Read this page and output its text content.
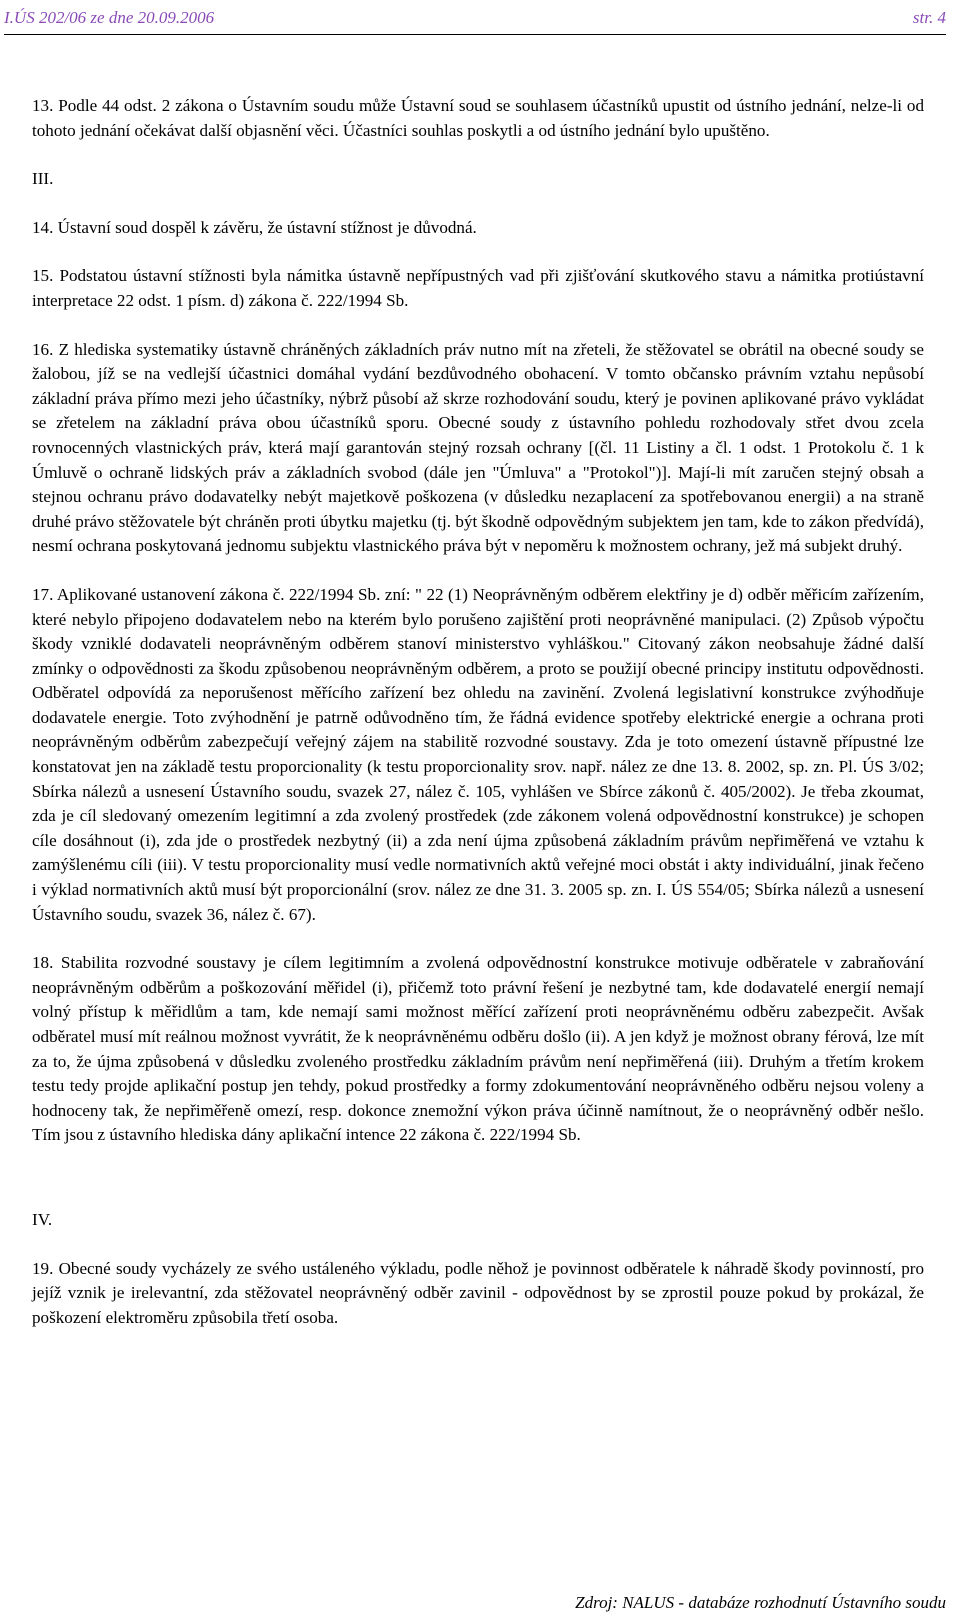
I.ÚS 202/06 ze dne 20.09.2006	str. 4

13. Podle 44 odst. 2 zákona o Ústavním soudu může Ústavní soud se souhlasem účastníků upustit od ústního jednání, nelze-li od tohoto jednání očekávat další objasnění věci. Účastníci souhlas poskytli a od ústního jednání bylo upuštěno.

III.

14. Ústavní soud dospěl k závěru, že ústavní stížnost je důvodná.

15. Podstatou ústavní stížnosti byla námitka ústavně nepřípustných vad při zjišťování skutkového stavu a námitka protiústavní interpretace 22 odst. 1 písm. d) zákona č. 222/1994 Sb.

16. Z hlediska systematiky ústavně chráněných základních práv nutno mít na zřeteli, že stěžovatel se obrátil na obecné soudy se žalobou, jíž se na vedlejší účastnici domáhal vydání bezdůvodného obohacení. V tomto občansko právním vztahu nepůsobí základní práva přímo mezi jeho účastníky, nýbrž působí až skrze rozhodování soudu, který je povinen aplikované právo vykládat se zřetelem na základní práva obou účastníků sporu. Obecné soudy z ústavního pohledu rozhodovaly střet dvou zcela rovnocenných vlastnických práv, která mají garantován stejný rozsah ochrany [(čl. 11 Listiny a čl. 1 odst. 1 Protokolu č. 1 k Úmluvě o ochraně lidských práv a základních svobod (dále jen "Úmluva" a "Protokol")]. Mají-li mít zaručen stejný obsah a stejnou ochranu právo dodavatelky nebýt majetkově poškozena (v důsledku nezaplacení za spotřebovanou energii) a na straně druhé právo stěžovatele být chráněn proti úbytku majetku (tj. být škodně odpovědným subjektem jen tam, kde to zákon předvídá), nesmí ochrana poskytovaná jednomu subjektu vlastnického práva být v nepoměru k možnostem ochrany, jež má subjekt druhý.

17. Aplikované ustanovení zákona č. 222/1994 Sb. zní: " 22 (1) Neoprávněným odběrem elektřiny je d) odběr měřicím zařízením, které nebylo připojeno dodavatelem nebo na kterém bylo porušeno zajištění proti neoprávněné manipulaci. (2) Způsob výpočtu škody vzniklé dodavateli neoprávněným odběrem stanoví ministerstvo vyhláškou." Citovaný zákon neobsahuje žádné další zmínky o odpovědnosti za škodu způsobenou neoprávněným odběrem, a proto se použijí obecné principy institutu odpovědnosti. Odběratel odpovídá za neporušenost měřícího zařízení bez ohledu na zavinění. Zvolená legislativní konstrukce zvýhodňuje dodavatele energie. Toto zvýhodnění je patrně odůvodněno tím, že řádná evidence spotřeby elektrické energie a ochrana proti neoprávněným odběrům zabezpečují veřejný zájem na stabilitě rozvodné soustavy. Zda je toto omezení ústavně přípustné lze konstatovat jen na základě testu proporcionality (k testu proporcionality srov. např. nález ze dne 13. 8. 2002, sp. zn. Pl. ÚS 3/02; Sbírka nálezů a usnesení Ústavního soudu, svazek 27, nález č. 105, vyhlášen ve Sbírce zákonů č. 405/2002). Je třeba zkoumat, zda je cíl sledovaný omezením legitimní a zda zvolený prostředek (zde zákonem volená odpovědnostní konstrukce) je schopen cíle dosáhnout (i), zda jde o prostředek nezbytný (ii) a zda není újma způsobená základním právům nepřiměřená ve vztahu k zamýšlenému cíli (iii). V testu proporcionality musí vedle normativních aktů veřejné moci obstát i akty individuální, jinak řečeno i výklad normativních aktů musí být proporcionální (srov. nález ze dne 31. 3. 2005 sp. zn. I. ÚS 554/05; Sbírka nálezů a usnesení Ústavního soudu, svazek 36, nález č. 67).

18. Stabilita rozvodné soustavy je cílem legitimním a zvolená odpovědnostní konstrukce motivuje odběratele v zabraňování neoprávněným odběrům a poškozování měřidel (i), přičemž toto právní řešení je nezbytné tam, kde dodavatelé energií nemají volný přístup k měřidlům a tam, kde nemají sami možnost měřící zařízení proti neoprávněnému odběru zabezpečit. Avšak odběratel musí mít reálnou možnost vyvrátit, že k neoprávněnému odběru došlo (ii). A jen když je možnost obrany férová, lze mít za to, že újma způsobená v důsledku zvoleného prostředku základním právům není nepřiměřená (iii). Druhým a třetím krokem testu tedy projde aplikační postup jen tehdy, pokud prostředky a formy zdokumentování neoprávněného odběru nejsou voleny a hodnoceny tak, že nepřiměřeně omezí, resp. dokonce znemožní výkon práva účinně namítnout, že o neoprávněný odběr nešlo. Tím jsou z ústavního hlediska dány aplikační intence 22 zákona č. 222/1994 Sb.

IV.

19. Obecné soudy vycházely ze svého ustáleného výkladu, podle něhož je povinnost odběratele k náhradě škody povinností, pro jejíž vznik je irelevantní, zda stěžovatel neoprávněný odběr zavinil - odpovědnost by se zprostil pouze pokud by prokázal, že poškození elektroměru způsobila třetí osoba.

Zdroj: NALUS - databáze rozhodnutí Ústavního soudu
